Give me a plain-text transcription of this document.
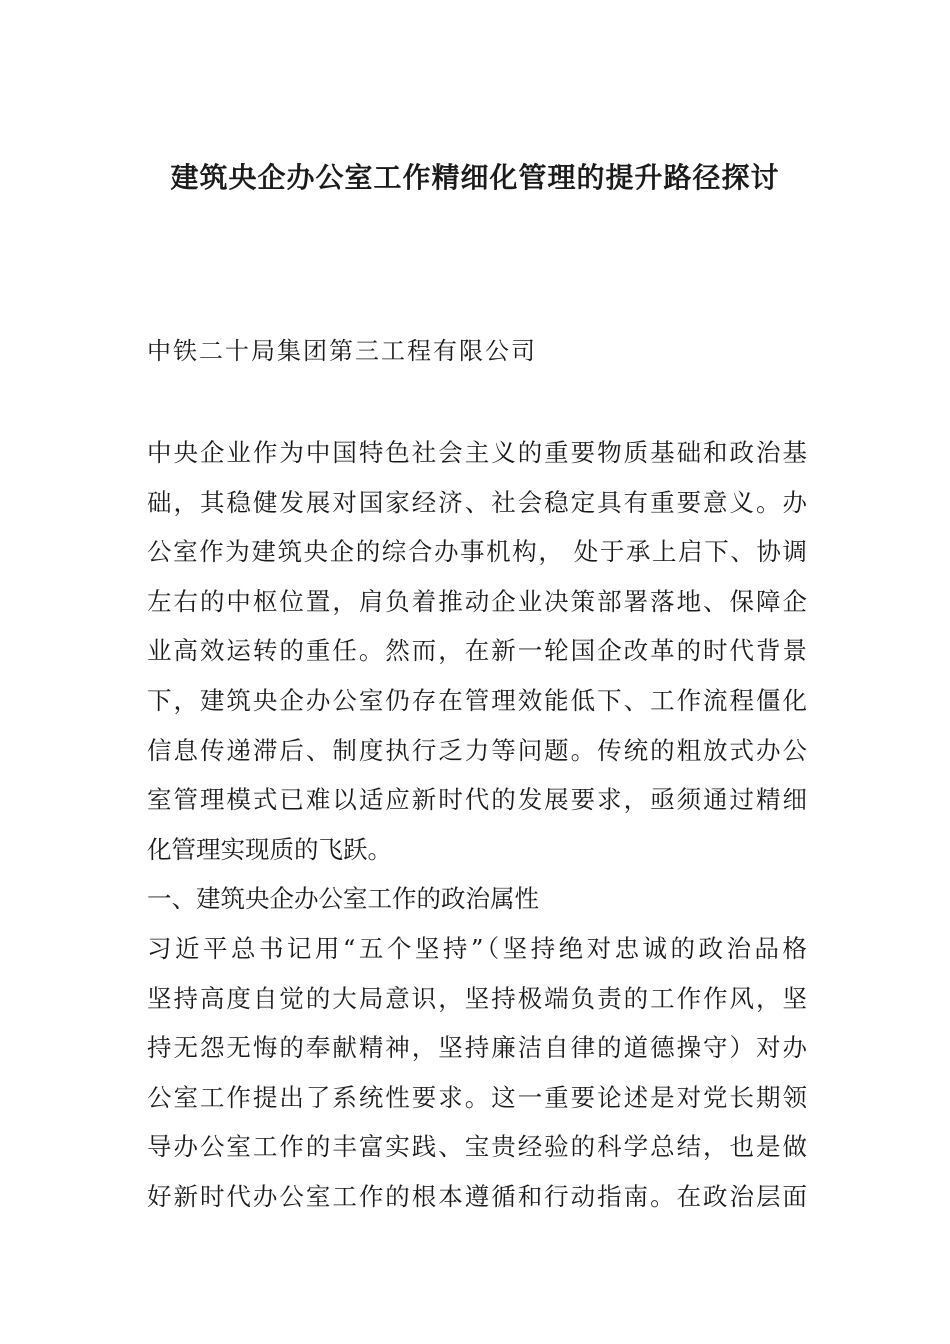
建筑央企办公室工作精细化管理的提升路径探讨
中铁二十局集团第三工程有限公司
中央企业作为中国特色社会主义的重要物质基础和政治基
础，其稳健发展对国家经济、社会稳定具有重要意义。办
公室作为建筑央企的综合办事机构， 处于承上启下、协调
左右的中枢位置，肩负着推动企业决策部署落地、保障企
业高效运转的重任。然而，在新一轮国企改革的时代背景
下，建筑央企办公室仍存在管理效能低下、工作流程僵化
信息传递滞后、制度执行乏力等问题。传统的粗放式办公
室管理模式已难以适应新时代的发展要求，亟须通过精细
化管理实现质的飞跃。
一、建筑央企办公室工作的政治属性
习近平总书记用“五个坚持”（坚持绝对忠诚的政治品格
坚持高度自觉的大局意识，坚持极端负责的工作作风，坚
持无怨无悔的奉献精神，坚持廉洁自律的道德操守）对办
公室工作提出了系统性要求。这一重要论述是对党长期领
导办公室工作的丰富实践、宝贵经验的科学总结，也是做
好新时代办公室工作的根本遵循和行动指南。在政治层面
